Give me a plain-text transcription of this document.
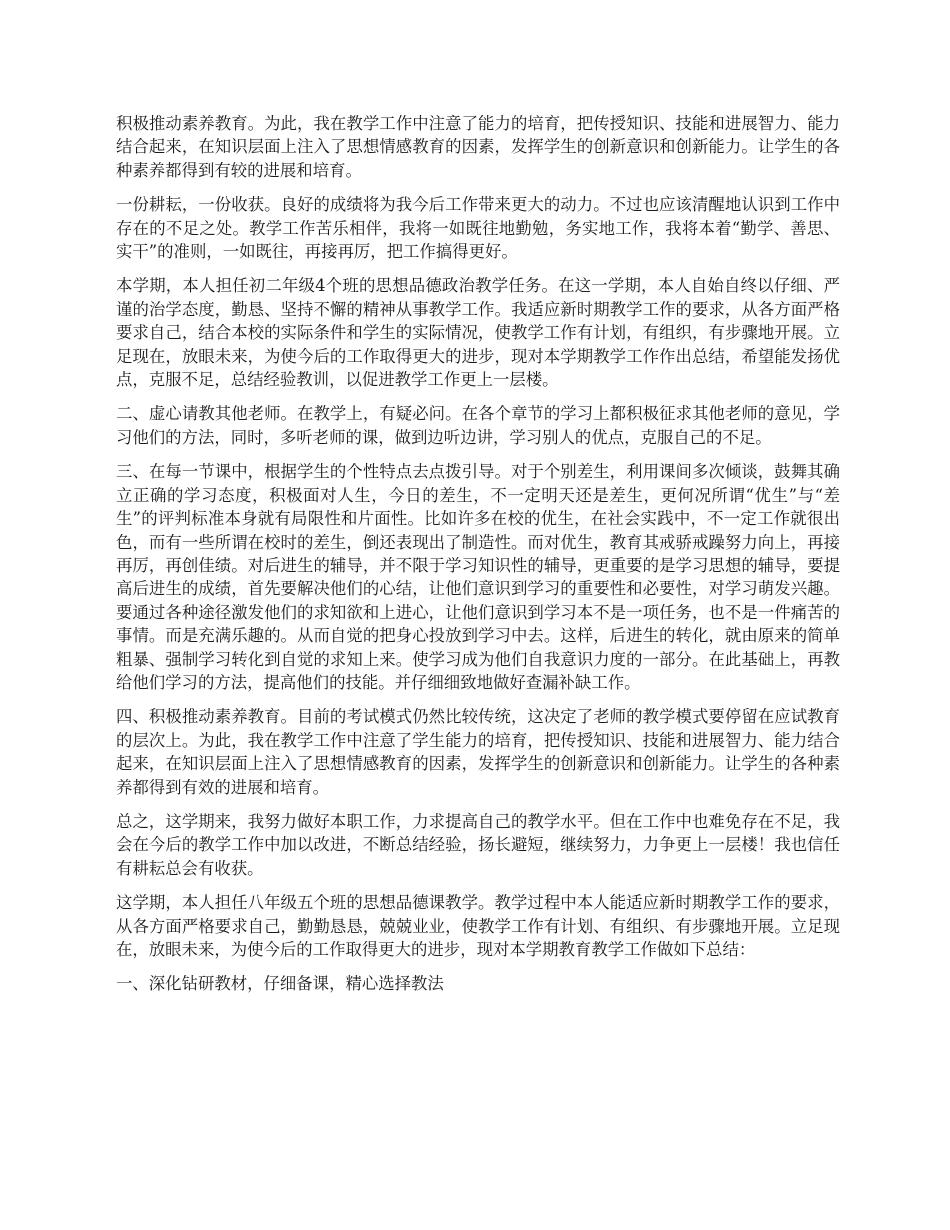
积极推动素养教育。为此，我在教学工作中注意了能力的培育，把传授知识、技能和进展智力、能力结合起来，在知识层面上注入了思想情感教育的因素，发挥学生的创新意识和创新能力。让学生的各种素养都得到有较的进展和培育。

一份耕耘，一份收获。良好的成绩将为我今后工作带来更大的动力。不过也应该清醒地认识到工作中存在的不足之处。教学工作苦乐相伴，我将一如既往地勤勉，务实地工作，我将本着“勤学、善思、实干”的准则，一如既往，再接再厉，把工作搞得更好。

本学期，本人担任初二年级4个班的思想品德政治教学任务。在这一学期，本人自始自终以仔细、严谨的治学态度，勤恳、坚持不懈的精神从事教学工作。我适应新时期教学工作的要求，从各方面严格要求自己，结合本校的实际条件和学生的实际情况，使教学工作有计划，有组织，有步骤地开展。立足现在，放眼未来，为使今后的工作取得更大的进步，现对本学期教学工作作出总结，希望能发扬优点，克服不足，总结经验教训，以促进教学工作更上一层楼。

二、虚心请教其他老师。在教学上，有疑必问。在各个章节的学习上都积极征求其他老师的意见，学习他们的方法，同时，多听老师的课，做到边听边讲，学习别人的优点，克服自己的不足。

三、在每一节课中，根据学生的个性特点去点拨引导。对于个别差生，利用课间多次倾谈，鼓舞其确立正确的学习态度，积极面对人生，今日的差生，不一定明天还是差生，更何况所谓“优生”与“差生”的评判标准本身就有局限性和片面性。比如许多在校的优生，在社会实践中，不一定工作就很出色，而有一些所谓在校时的差生，倒还表现出了制造性。而对优生，教育其戒骄戒躁努力向上，再接再厉，再创佳绩。对后进生的辅导，并不限于学习知识性的辅导，更重要的是学习思想的辅导，要提高后进生的成绩，首先要解决他们的心结，让他们意识到学习的重要性和必要性，对学习萌发兴趣。要通过各种途径激发他们的求知欲和上进心，让他们意识到学习本不是一项任务，也不是一件痛苦的事情。而是充满乐趣的。从而自觉的把身心投放到学习中去。这样，后进生的转化，就由原来的简单粗暴、强制学习转化到自觉的求知上来。使学习成为他们自我意识力度的一部分。在此基础上，再教给他们学习的方法，提高他们的技能。并仔细细致地做好查漏补缺工作。

四、积极推动素养教育。目前的考试模式仍然比较传统，这决定了老师的教学模式要停留在应试教育的层次上。为此，我在教学工作中注意了学生能力的培育，把传授知识、技能和进展智力、能力结合起来，在知识层面上注入了思想情感教育的因素，发挥学生的创新意识和创新能力。让学生的各种素养都得到有效的进展和培育。

总之，这学期来，我努力做好本职工作，力求提高自己的教学水平。但在工作中也难免存在不足，我会在今后的教学工作中加以改进，不断总结经验，扬长避短，继续努力，力争更上一层楼！我也信任有耕耘总会有收获。

这学期，本人担任八年级五个班的思想品德课教学。教学过程中本人能适应新时期教学工作的要求，从各方面严格要求自己，勤勤恳恳，兢兢业业，使教学工作有计划、有组织、有步骤地开展。立足现在，放眼未来，为使今后的工作取得更大的进步，现对本学期教育教学工作做如下总结：

一、深化钻研教材，仔细备课，精心选择教法
